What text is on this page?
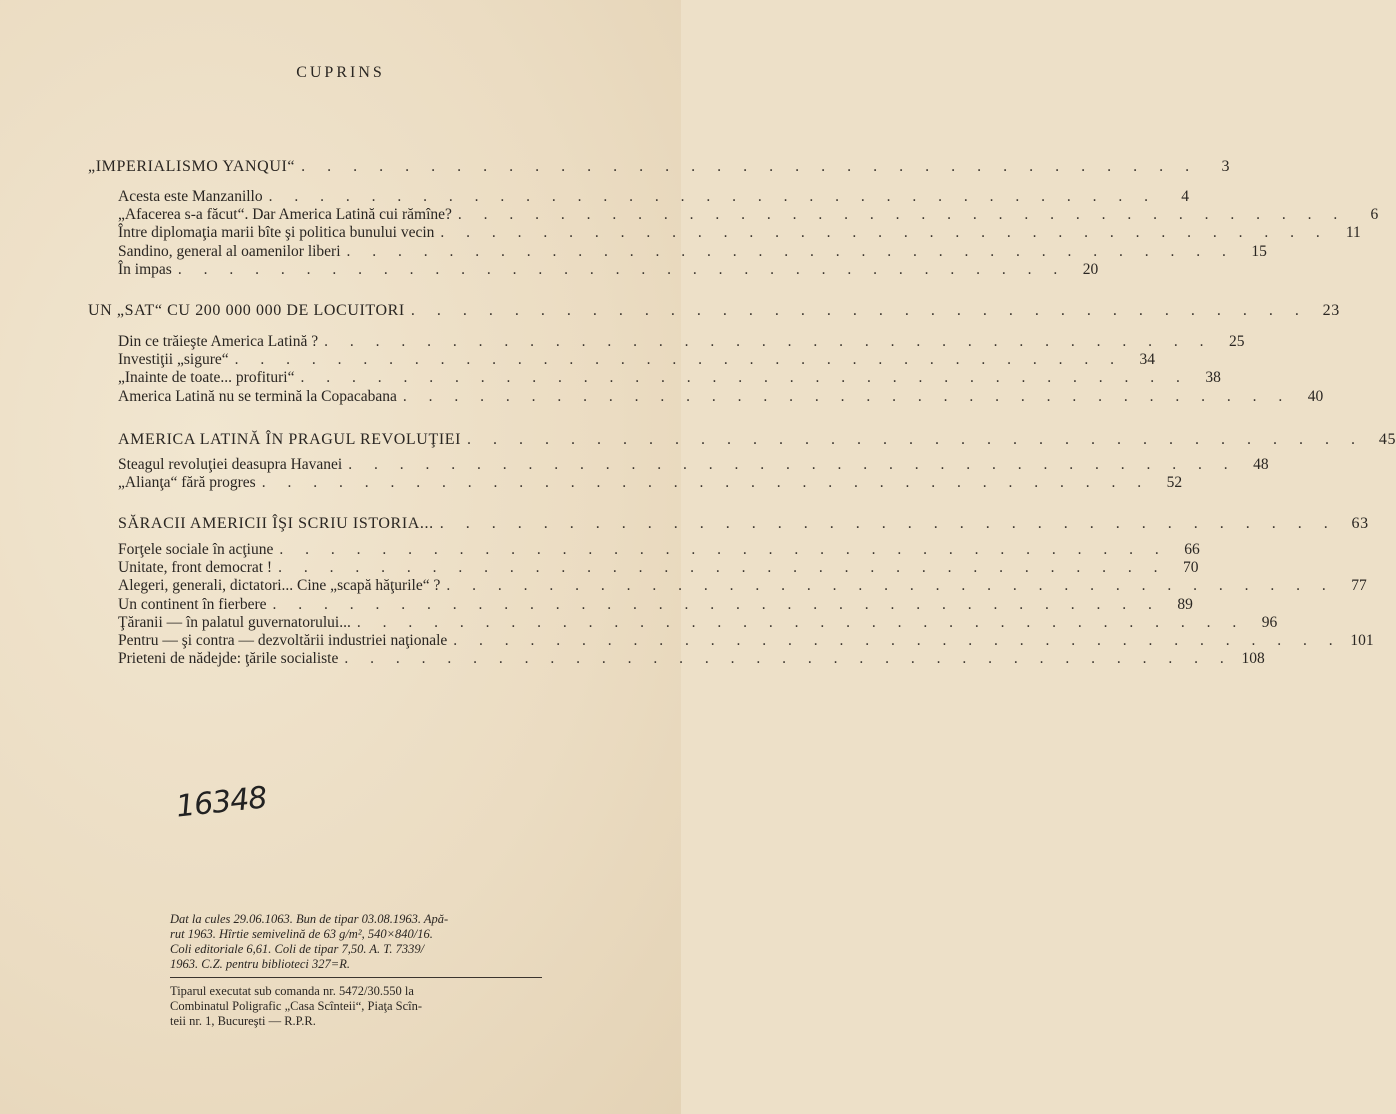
CUPRINS
„IMPERIALISMO YANQUI“ . . . . . . . . . . . . . . . . . . . . . . . . . . . . . . . . . . .	3
Acesta este Manzanillo . . . . . . . . . . . . . . . . . . . . . . . . . . . . . . . . . . .	4
„Afacerea s-a făcut“. Dar America Latină cui rămîne? . . . . . . . . . . . . . . . . . . . . . . . . . . . . . . . . . . .	6
Între diplomaţia marii bîte şi politica bunului vecin . . . . . . . . . . . . . . . . . . . . . . . . . . . . . . . . . . .	11
Sandino, general al oamenilor liberi . . . . . . . . . . . . . . . . . . . . . . . . . . . . . . . . . . .	15
În impas . . . . . . . . . . . . . . . . . . . . . . . . . . . . . . . . . . .	20
UN „SAT“ CU 200 000 000 DE LOCUITORI . . . . . . . . . . . . . . . . . . . . . . . . . . . . . . . . . . . 23
Din ce trăieşte America Latină ? . . . . . . . . . . . . . . . . . . . . . . . . . . . . . . . . . . .	25
Investiţii „sigure“ . . . . . . . . . . . . . . . . . . . . . . . . . . . . . . . . . . .	34
„Inainte de toate... profituri“ . . . . . . . . . . . . . . . . . . . . . . . . . . . . . . . . . . .	38
America Latină nu se termină la Copacabana . . . . . . . . . . . . . . . . . . . . . . . . . . . . . . . . . . .	40
AMERICA LATINĂ ÎN PRAGUL REVOLUŢIEI . . . . . . . . . . . . . . . . . . . . . . . . . . . . . . . . . . . 45
Steagul revoluţiei deasupra Havanei . . . . . . . . . . . . . . . . . . . . . . . . . . . . . . . . . . .	48
„Alianţa“ fără progres . . . . . . . . . . . . . . . . . . . . . . . . . . . . . . . . . . .	52
SĂRACII AMERICII ÎŞI SCRIU ISTORIA... . . . . . . . . . . . . . . . . . . . . . . . . . . . . . . . . . . . 63
Forţele sociale în acţiune . . . . . . . . . . . . . . . . . . . . . . . . . . . . . . . . . . .	66
Unitate, front democrat ! . . . . . . . . . . . . . . . . . . . . . . . . . . . . . . . . . . .	70
Alegeri, generali, dictatori... Cine „scapă hăţurile“ ? . . . . . . . . . . . . . . . . . . . . . . . . . . . . . . . . . . .	77
Un continent în fierbere . . . . . . . . . . . . . . . . . . . . . . . . . . . . . . . . . . .	89
Ţăranii — în palatul guvernatorului... . . . . . . . . . . . . . . . . . . . . . . . . . . . . . . . . . . .	96
Pentru — şi contra — dezvoltării industriei naţionale . . . . . . . . . . . . . . . . . . . . . . . . . . . . . . . . . . . 101
Prieteni de nădejde: ţările socialiste . . . . . . . . . . . . . . . . . . . . . . . . . . . . . . . . . . . 108
16348
Dat la cules 29.06.1063. Bun de tipar 03.08.1963. Apă-
rut 1963. Hîrtie semivelină de 63 g/m², 540×840/16.
Coli editoriale 6,61. Coli de tipar 7,50. A. T. 7339/
1963. C.Z. pentru biblioteci 327=R.
Tiparul executat sub comanda nr. 5472/30.550 la
Combinatul Poligrafic „Casa Scînteii“, Piaţa Scîn-
teii nr. 1, Bucureşti — R.P.R.
